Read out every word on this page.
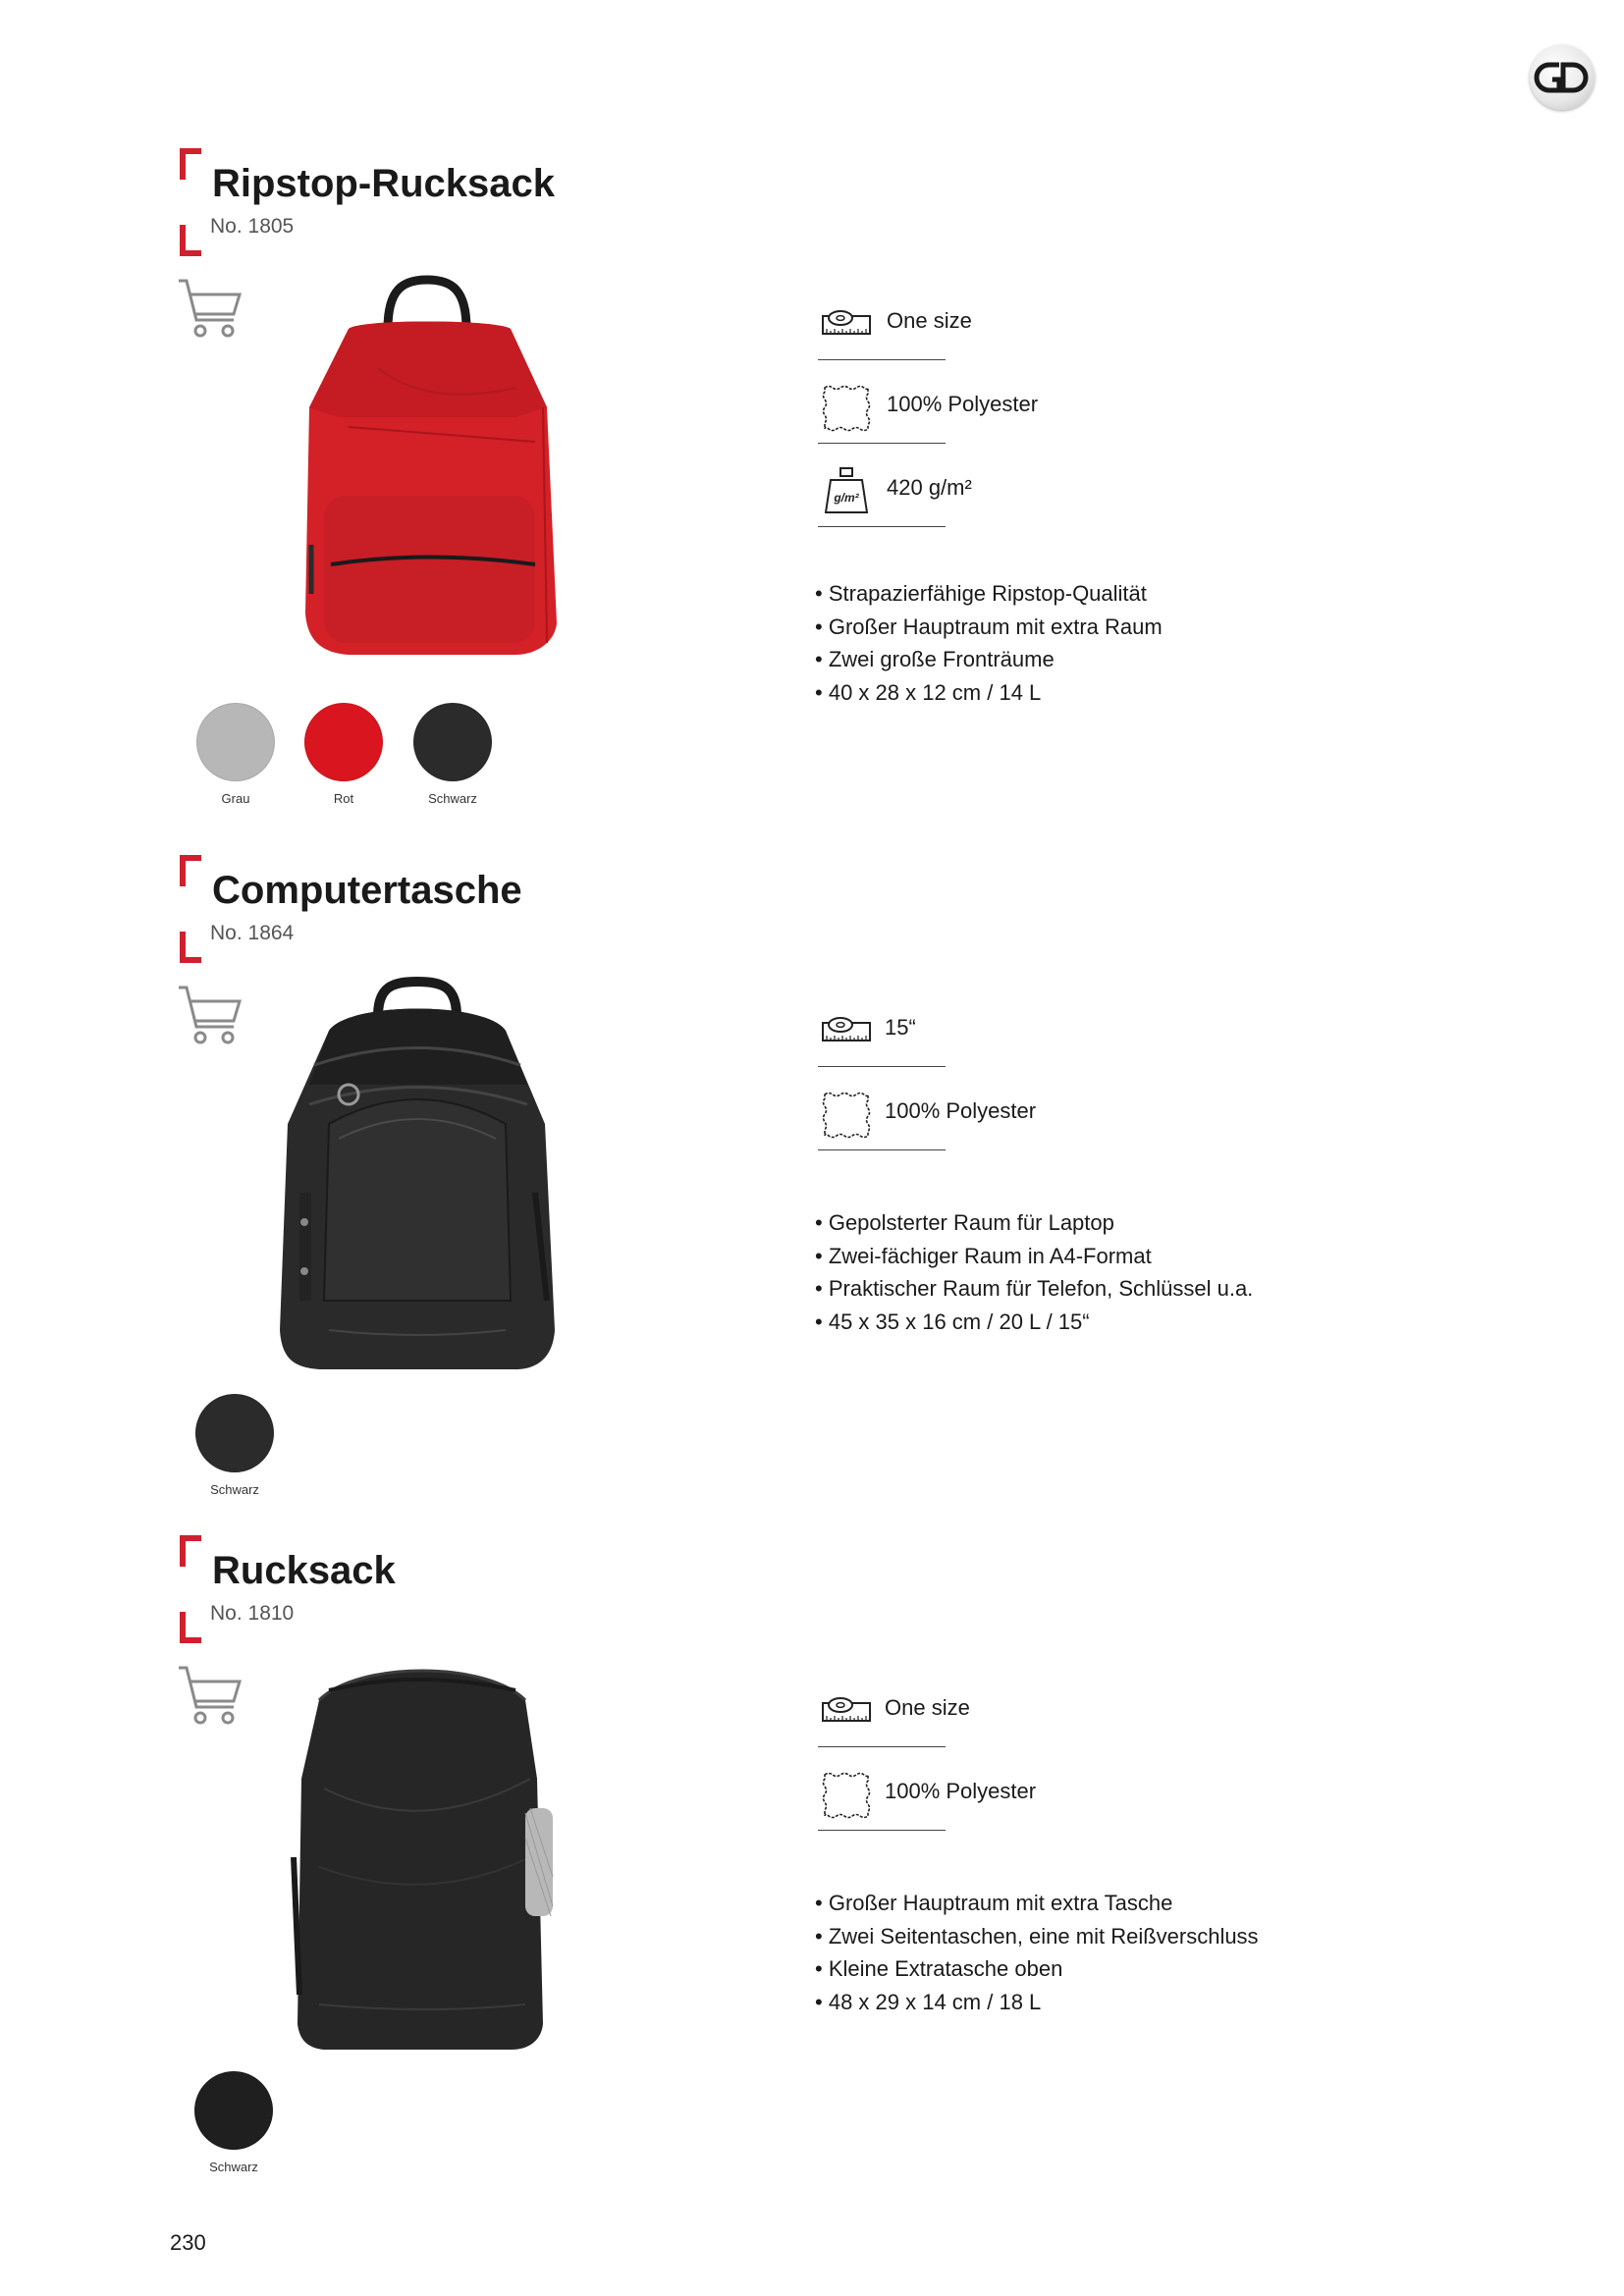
Ripstop-Rucksack
No. 1805
Grau	Rot	Schwarz
One size
100% Polyester
420 g/m²
• Strapazierfähige Ripstop-Qualität
• Großer Hauptraum mit extra Raum
• Zwei große Fronträume
• 40 x 28 x 12 cm / 14 L
Computertasche
No. 1864
Schwarz
15“
100% Polyester
• Gepolsterter Raum für Laptop
• Zwei-fächiger Raum in A4-Format
• Praktischer Raum für Telefon, Schlüssel u.a.
• 45 x 35 x 16 cm / 20 L / 15“
Rucksack
No. 1810
Schwarz
One size
100% Polyester
• Großer Hauptraum mit extra Tasche
• Zwei Seitentaschen, eine mit Reißverschluss
• Kleine Extratasche oben
• 48 x 29 x 14 cm / 18 L
230
